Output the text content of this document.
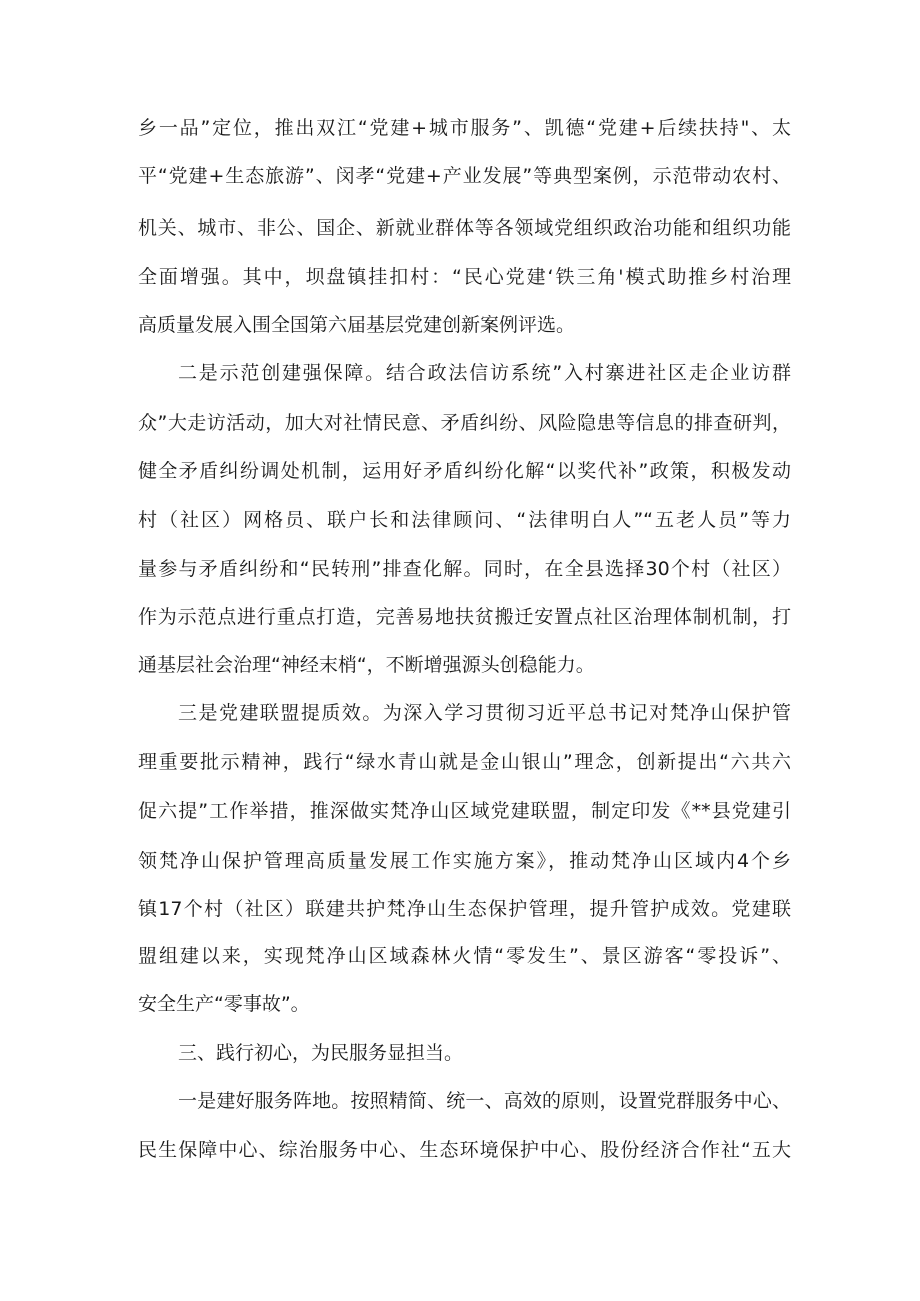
乡一品”定位，推出双江“党建+城市服务”、凯德“党建+后续扶持"、太
平“党建+生态旅游”、闵孝“党建+产业发展”等典型案例，示范带动农村、
机关、城市、非公、国企、新就业群体等各领域党组织政治功能和组织功能
全面增强。其中，坝盘镇挂扣村：“民心党建‘铁三角'模式助推乡村治理
高质量发展入围全国第六届基层党建创新案例评选。
二是示范创建强保障。结合政法信访系统”入村寨进社区走企业访群
众”大走访活动，加大对社情民意、矛盾纠纷、风险隐患等信息的排查研判，
健全矛盾纠纷调处机制，运用好矛盾纠纷化解“以奖代补”政策，积极发动
村（社区）网格员、联户长和法律顾问、“法律明白人”“五老人员”等力
量参与矛盾纠纷和“民转刑”排查化解。同时，在全县选择30个村（社区）
作为示范点进行重点打造，完善易地扶贫搬迁安置点社区治理体制机制，打
通基层社会治理“神经末梢“，不断增强源头创稳能力。
三是党建联盟提质效。为深入学习贯彻习近平总书记对梵净山保护管
理重要批示精神，践行“绿水青山就是金山银山”理念，创新提出“六共六
促六提”工作举措，推深做实梵净山区域党建联盟，制定印发《**县党建引
领梵净山保护管理高质量发展工作实施方案》，推动梵净山区域内4个乡
镇17个村（社区）联建共护梵净山生态保护管理，提升管护成效。党建联
盟组建以来，实现梵净山区域森林火情“零发生”、景区游客“零投诉”、
安全生产“零事故”。
三、践行初心，为民服务显担当。
一是建好服务阵地。按照精简、统一、高效的原则，设置党群服务中心、
民生保障中心、综治服务中心、生态环境保护中心、股份经济合作社“五大
